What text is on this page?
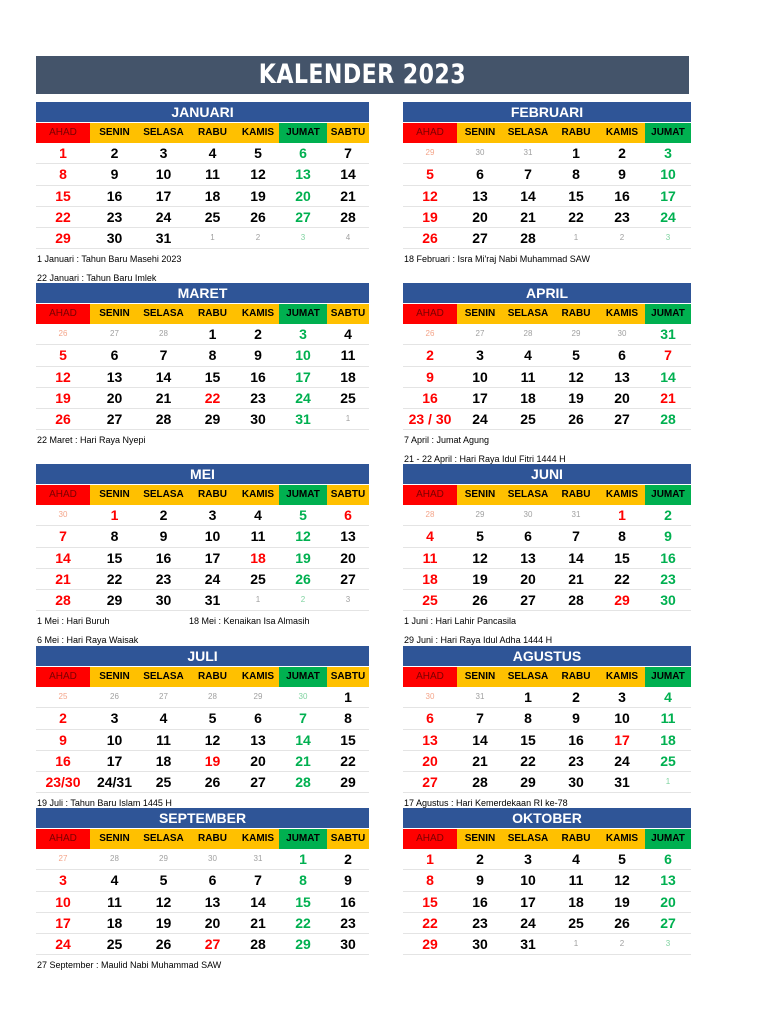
KALENDER 2023
JANUARI
AHAD	SENIN	SELASA	RABU	KAMIS	JUMAT	SABTU
1	2	3	4	5	6	7
8	9	10	11	12	13	14
15	16	17	18	19	20	21
22	23	24	25	26	27	28
29	30	31	1	2	3	4
1 Januari : Tahun Baru Masehi 2023
22 Januari : Tahun Baru Imlek
FEBRUARI
AHAD	SENIN	SELASA	RABU	KAMIS	JUMAT
29	30	31	1	2	3
5	6	7	8	9	10
12	13	14	15	16	17
19	20	21	22	23	24
26	27	28	1	2	3
18 Februari : Isra Mi'raj Nabi Muhammad SAW
MARET
AHAD	SENIN	SELASA	RABU	KAMIS	JUMAT	SABTU
26	27	28	1	2	3	4
5	6	7	8	9	10	11
12	13	14	15	16	17	18
19	20	21	22	23	24	25
26	27	28	29	30	31	1
22 Maret : Hari Raya Nyepi
APRIL
AHAD	SENIN	SELASA	RABU	KAMIS	JUMAT
26	27	28	29	30	31
2	3	4	5	6	7
9	10	11	12	13	14
16	17	18	19	20	21
23 / 30	24	25	26	27	28
7 April : Jumat Agung
21 - 22 April : Hari Raya Idul Fitri 1444 H
MEI
AHAD	SENIN	SELASA	RABU	KAMIS	JUMAT	SABTU
30	1	2	3	4	5	6
7	8	9	10	11	12	13
14	15	16	17	18	19	20
21	22	23	24	25	26	27
28	29	30	31	1	2	3
1 Mei : Hari Buruh	18 Mei : Kenaikan Isa Almasih
6 Mei : Hari Raya Waisak
JUNI
AHAD	SENIN	SELASA	RABU	KAMIS	JUMAT
28	29	30	31	1	2
4	5	6	7	8	9
11	12	13	14	15	16
18	19	20	21	22	23
25	26	27	28	29	30
1 Juni : Hari Lahir Pancasila
29 Juni : Hari Raya Idul Adha 1444 H
JULI
AHAD	SENIN	SELASA	RABU	KAMIS	JUMAT	SABTU
25	26	27	28	29	30	1
2	3	4	5	6	7	8
9	10	11	12	13	14	15
16	17	18	19	20	21	22
23/30	24/31	25	26	27	28	29
19 Juli : Tahun Baru Islam 1445 H
AGUSTUS
AHAD	SENIN	SELASA	RABU	KAMIS	JUMAT
30	31	1	2	3	4
6	7	8	9	10	11
13	14	15	16	17	18
20	21	22	23	24	25
27	28	29	30	31	1
17 Agustus : Hari Kemerdekaan RI ke-78
SEPTEMBER
AHAD	SENIN	SELASA	RABU	KAMIS	JUMAT	SABTU
27	28	29	30	31	1	2
3	4	5	6	7	8	9
10	11	12	13	14	15	16
17	18	19	20	21	22	23
24	25	26	27	28	29	30
27 September : Maulid Nabi Muhammad SAW
OKTOBER
AHAD	SENIN	SELASA	RABU	KAMIS	JUMAT
1	2	3	4	5	6
8	9	10	11	12	13
15	16	17	18	19	20
22	23	24	25	26	27
29	30	31	1	2	3
